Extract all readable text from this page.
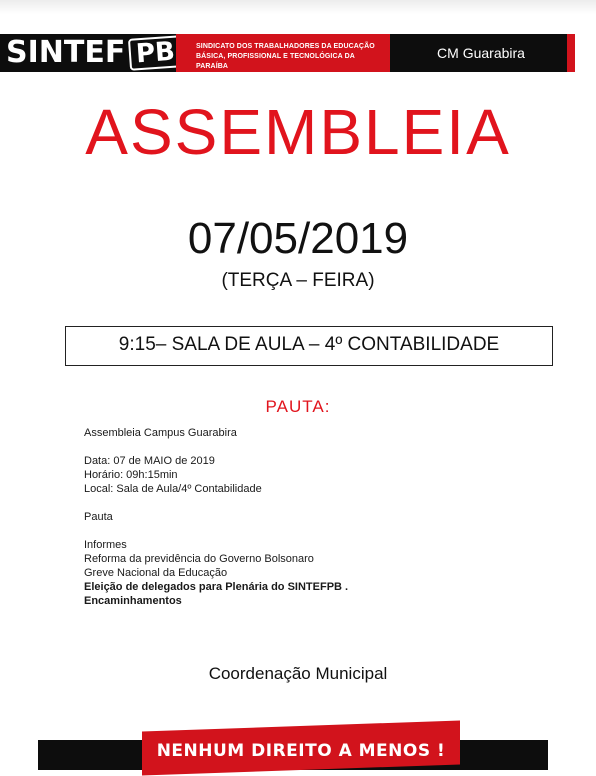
SINTEF PB	SINDICATO DOS TRABALHADORES DA EDUCAÇÃO BÁSICA, PROFISSIONAL E TECNOLÓGICA DA PARAÍBA
CM Guarabira
ASSEMBLEIA
07/05/2019
(TERÇA – FEIRA)
9:15– SALA DE AULA – 4º CONTABILIDADE
PAUTA:
Assembleia Campus Guarabira
Data: 07 de MAIO de 2019
Horário: 09h:15min
Local: Sala de Aula/4º Contabilidade
Pauta
Informes
Reforma da previdência do Governo Bolsonaro
Greve Nacional da Educação
Eleição de delegados para Plenária do SINTEFPB .
Encaminhamentos
Coordenação Municipal
NENHUM DIREITO A MENOS !
